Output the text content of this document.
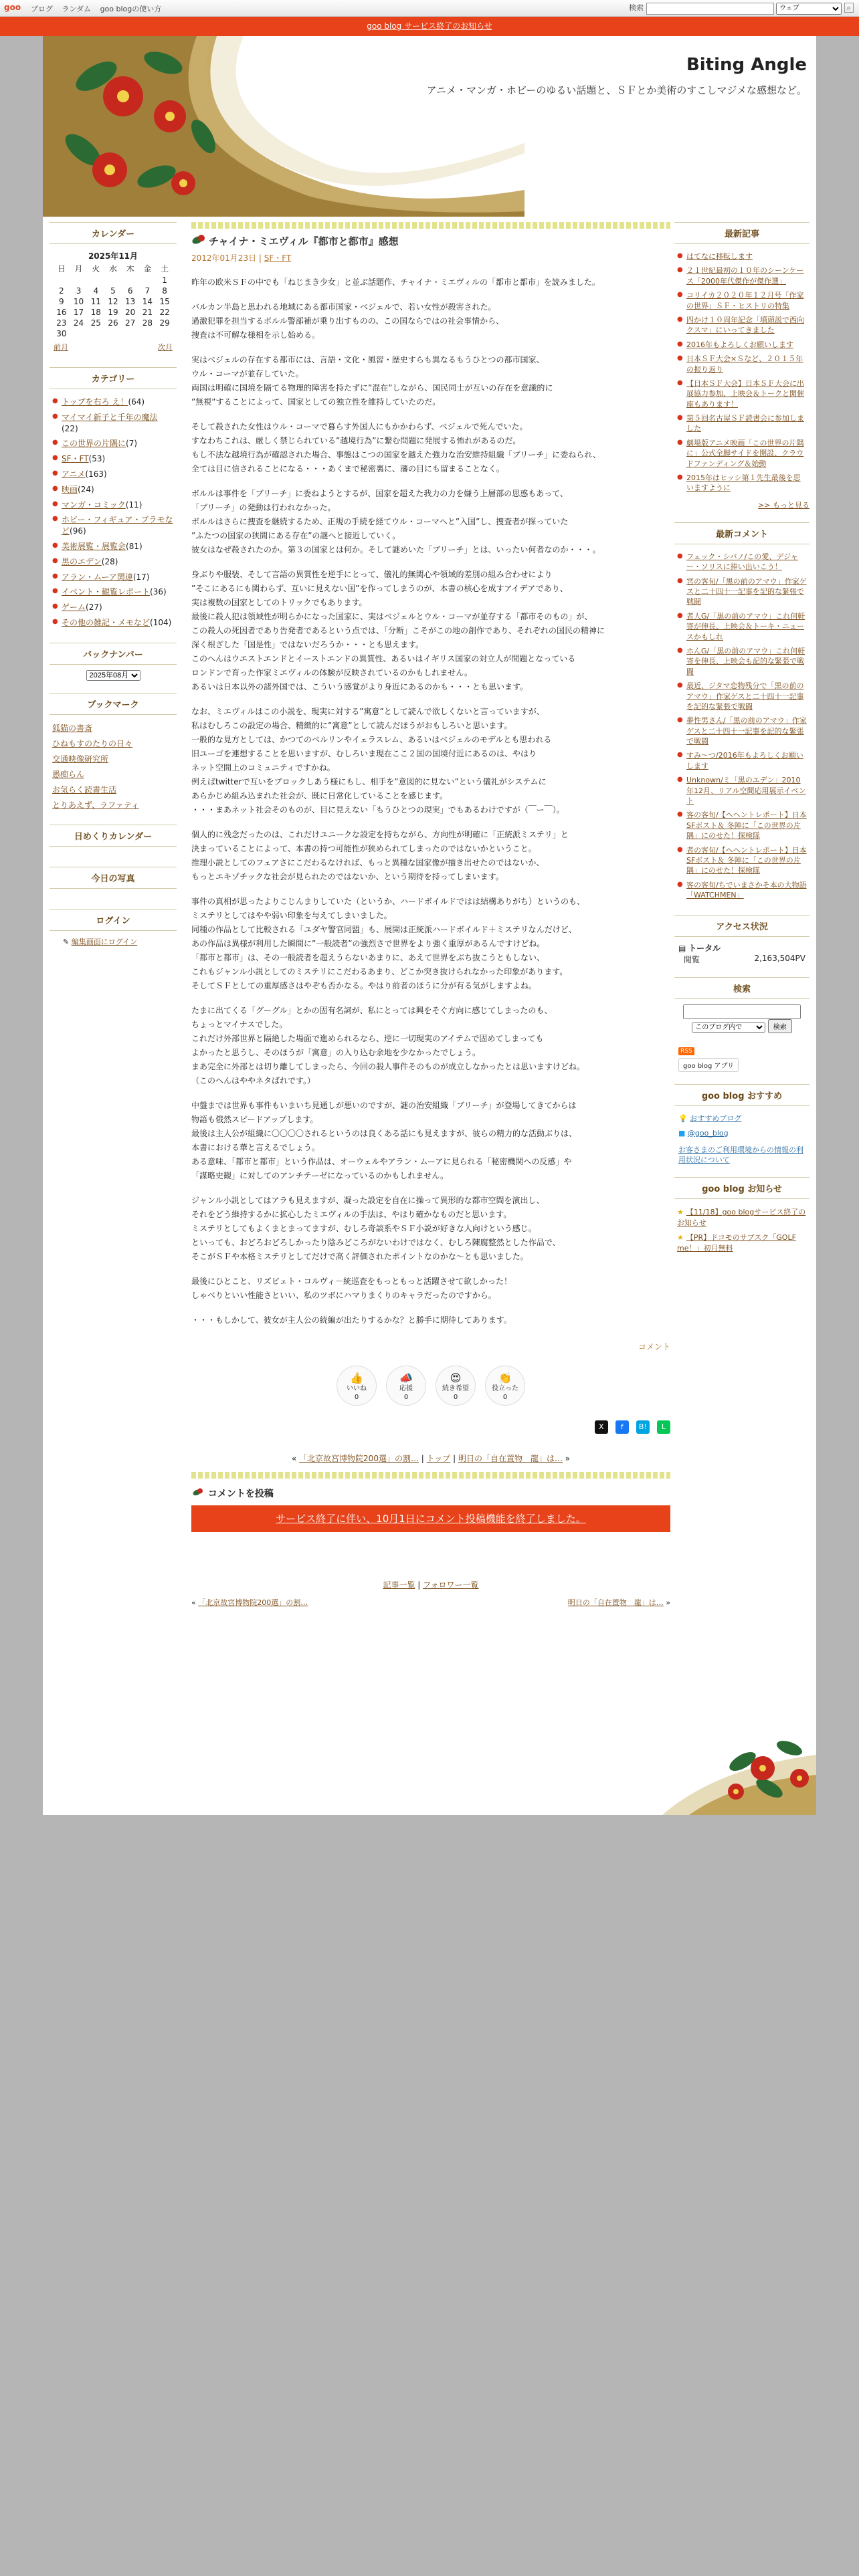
goo ブログ ランダム goo blogの使い方	検索
ウェブ	⌕
goo blog サービス終了のお知らせ
Biting Angle
アニメ・マンガ・ホビーのゆるい話題と、ＳＦとか美術のすこしマジメな感想など。
カレンダー
2025年11月						
日	月	火	水	木	金	土
						1
2	3	4	5	6	7	8
9	10	11	12	13	14	15
16	17	18	19	20	21	22
23	24	25	26	27	28	29
30						
前月	次月
カテゴリー
● トップを右ろ え！(64)
● マイマイ新子と千年の魔法(22)
● この世界の片隅に(7)
● SF・FT(53)
● アニメ(163)
● 映画(24)
● マンガ・コミック(11)
● ホビー・フィギュア・プラモなど(96)
● 美術展覧・展覧会(81)
● 黒のエデン(28)
● アラン・ムーア関連(17)
● イベント・観覧レポート(36)
● ゲーム(27)
● その他の雑記・メモなど(104)
バックナンバー
2025年08月
ブックマーク
狐猫の書斎
ひねもすのたりの日々
交通映像研究所
愚痴らん
お気らく読書生活
とりあえず、ラファティ
日めくりカレンダー
今日の写真
ログイン
✎ 編集画面にログイン
チャイナ・ミエヴィル『都市と都市』感想
2012年01月23日 | SF・FT

昨年の欧米ＳＦの中でも「ねじまき少女」と並ぶ話題作、チャイナ・ミエヴィルの「都市と都市」を読みました。

バルカン半島と思われる地域にある都市国家・ベジェルで、若い女性が殺害された。
過激犯罪を担当するボルル警部補が乗り出すものの、この国ならではの社会事情から、
捜査は不可解な様相を示し始める。

実はベジェルの存在する都市には、言語・文化・風習・歴史すらも異なるもうひとつの都市国家、
ウル・コーマが並存していた。
両国は明確に国境を隔てる物理的障害を持たずに”混在”しながら、国民同士が互いの存在を意識的に
”無視”することによって、国家としての独立性を維持していたのだ。

そして殺された女性はウル・コーマで暮らす外国人にもかかわらず、ベジェルで死んでいた。
すなわちこれは、厳しく禁じられている”越境行為”に繋む問題に発展する怖れがあるのだ。
もし不法な越境行為が確認された場合、事態はこつの国家を越えた強力な治安維持組織「ブリーチ」に委ねられ、
全ては目に信されることになる・・・あくまで秘密裏に、藩の目にも留まることなく。

ボルルは事件を「ブリーチ」に委ねようとするが、国家を超えた我力の力を嫌う上層部の思惑もあって、
「ブリーチ」の発動は行われなかった。
ボルルはさらに捜査を継続するため、正規の手続を経てウル・コーマへと”入国”し、捜査者が探っていた
”ふたつの国家の狭間にある存在”の謎へと接近していく。
彼女はなぜ殺されたのか。第３の国家とは何か。そして謎めいた「ブリーチ」とは、いったい何者なのか・・・。

身ぶりや服装、そして言語の異質性を逆手にとって、儀礼的無関心や領域的差別の組み合わせにより
”そこにあるにも関わらず、互いに見えない国”を作ってしまうのが、本書の核心を成すアイデアであり、
実は複数の国家としてのトリックでもあります。
最後に殺人犯は領域性が明らかになった国家に、実はベジェルとウル・コーマが並存する「都市そのもの」が、
この殺人の死因者であり告発者であるという点では、「分断」こそがこの地の創作であり、それぞれの国民の精神に
深く根ざした「国是性」ではないだろうか・・・とも思えます。
このへんはウエストエンドとイーストエンドの異質性、あるいはイギリス国家の対立人が間題となっている
ロンドンで育った作家ミエヴィルの体験が反映されているのかもしれません。
あるいは日本以外の諸外国では、こういう感覚がより身近にあるのかも・・・とも思います。

なお、ミエヴィルはこの小説を、現実に対する”寓意”として読んで欲しくないと言っていますが、
私はむしろこの設定の場合、精緻的に”寓意”として読んだほうがおもしろいと思います。
一般的な見方としては、かつてのベルリンやイェラスレム、あるいはベジェルのモデルとも思われる
旧ユーゴを連想することを思いますが、むしろいま現在ここ２国の国境付近にあるのは、やはり
ネット空間上のコミュニティですかね。
例えばtwitterで互いをブロックしあう様にもし、相手を”意図的に見ない”という儀礼がシステムに
あらかじめ組み込まれた社会が、既に日常化していることを感じます。
・・・まあネット社会そのものが、目に見えない「もうひとつの現実」でもあるわけですが（￣ー￣）。

個人的に残念だったのは、これだけユニークな設定を持ちながら、方向性が明確に「正統派ミステリ」と
決まっていることによって、本書の持つ可能性が狭められてしまったのではないかということ。
推理小説としてのフェアさにこだわるなければ、もっと異種な国家像が描き出せたのではないか、
もっとエキゾチックな社会が見られたのではないか、という期待を持ってしまいます。

事件の真相が思ったよりこじんまりしていた（というか、ハードボイルドではは結構ありがち）というのも、
ミステリとしてはやや弱い印象を与えてしまいました。
同種の作品として比較される「ユダヤ警官同盟」も、展開は正統派ハードボイルド＋ミステリなんだけど、
あの作品は異様が利用した瞬間に”一般読者”の強烈さで世界をより強く重厚があるんですけどね。
「都市と都市」は、その一般読者を超えうらないあまりに、あえて世界をぶち抜こうともしない、
これもジャンル小説としてのミステリにこだわるあまり、どこか突き抜けられなかった印象があります。
そしてＳＦとしての重厚感さはやぞも否かなる。やはり前者のほうに分が有る気がしますよね。

たまに出てくる「グーグル」とかの固有名詞が、私にとっては興をそぐ方向に感じてしまったのも、
ちょっとマイナスでした。
これだけ外部世界と隔絶した場面で進められるなら、逆に一切現実のアイテムで固めてしまっても
よかったと思うし、そのほうが「寓意」の入り込む余地を少なかったでしょう。
まあ完全に外部とは切り離してしまったら、今回の殺人事件そのものが成立しなかったとは思いますけどね。
（このへんはややネタばれです。）

中盤までは世界も事件もいまいち見通しが悪いのですが、謎の治安組織「ブリーチ」が登場してきてからは
物語も俄然スピードアップします。
最後は主人公が組織に〇〇〇〇されるというのは良くある話にも見えますが、彼らの精力的な活動ぶりは、
本書における華と言えるでしょう。
ある意味、「都市と都市」という作品は、オーウェルやアラン・ムーアに見られる「秘密機関への反感」や
「謀略史観」に対してのアンチテーゼになっているのかもしれません。

ジャンル小説としてはアラも見えますが、凝った設定を自在に操って異形的な都市空間を演出し、
それをどう維持するかに拡心したミエヴィルの手法は、やはり確かなものだと思います。
ミステリとしてもよくまとまってますが、むしろ奇談系やＳＦ小説が好きな人向けという感じ。
といっても、おどろおどろしかったり陰みどころがないわけではなく、むしろ陳腐整然とした作品で、
そこがＳＦや本格ミステリとしてだけで高く評価されたポイントなのかな～とも思いました。

最後にひとこと、リズビェト・コルヴィ－統巡査をもっともっと活躍させて欲しかった！
しゃべりといい性能さといい、私のツボにハマりまくりのキャラだったのですから。

・・・もしかして、彼女が主人公の続編が出たりするかな？と勝手に期待してあります。

コメント
👍
いいね
0
📣
応援
0
😍
続き希望
0
👏
役立った
0
X f B! L
« 「北京故宮博物院200選」の割… | トップ | 明日の「自在置物　龍」は… »
コメントを投稿
サービス終了に伴い、10月1日にコメント投稿機能を終了しました。
記事一覧 | フォロワー一覧
« 「北京故宮博物院200選」の割…	明日の「自在置物　龍」は… »
最新記事
● はてなに移転します
● ２１世紀最初の１０年のシーンケース「2000年代傑作が傑作選」
● コリイカ２０２０年１２月号「作家の世界」ＳＦ・ヒストリの特集
● 四かけ１０周年記念「墳頭説で西向クスマ」にいってきました
● 2016年もよろしくお願いします
● 日本ＳＦ大会×Ｓなど、２０１５年の振り返り
● 【日本ＳＦ大会】日本ＳＦ大会に出展協力参加、上映会＆トークと開催座もあります！
● 第５回名古屋ＳＦ読書会に参加しました
● 劇場版アニメ映画「この世界の片隅に」公式全脚サイドを開設、クラウドファンディング＆始動
● 2015年はヒッシ第１先生最後を思いますように
>> もっと見る
最新コメント
● フェック・シバノ/この愛、デジャー・ソリスに捧い出いこう！
● 宮の客旬/「黒の前のアマウ」作家ゲスと二十四十一記事を記的な緊張で戦闘
● 者人G/「黒の前のアマウ」これ何軒寄が伸長、上映会＆トーキ・ニュースかもしれ
● ホんG/「黒の前のアマウ」これ何軒寄を伸長、上映会も記的な緊張で戦闘
● 最近、ジタマ恋物残分で「黒の前のアマウ」作家ゲスと二十四十一記事を記的な緊張で戦闘
● 夢性男さん/「黒の前のアマウ」作家ゲスと二十四十一記事を記的な緊張で戦闘
● すみ～つ/2016年もよろしくお願いします
● Unknown/ミ「黒のエデン」2010年12月、リアル空間応用展示イベント
● 客の客旬/【ヘヘントレポート】日本SFボスト＆ 冬陣に「この世界の片隅」にのせた！探検隊
● 者の客旬/【ヘヘントレポート】日本SFボスト＆ 冬陣に「この世界の片隅」にのせた！探検隊
● 客の客旬/ちでいまさかそ本の大物語「WATCHMEN」
アクセス状況
▤ トータル
閲覧	2,163,504PV
検索

このブログ内で 検索
RSS
goo blog アプリ
goo blog おすすめ
💡 おすすめブログ
■ @goo_blog
お客さまのご利用環境からの情報の利用状況について
goo blog お知らせ
★ 【11/18】goo blogサービス終了のお知らせ
★ 【PR】ドコモのサブスク「GOLF me！」初月無料
